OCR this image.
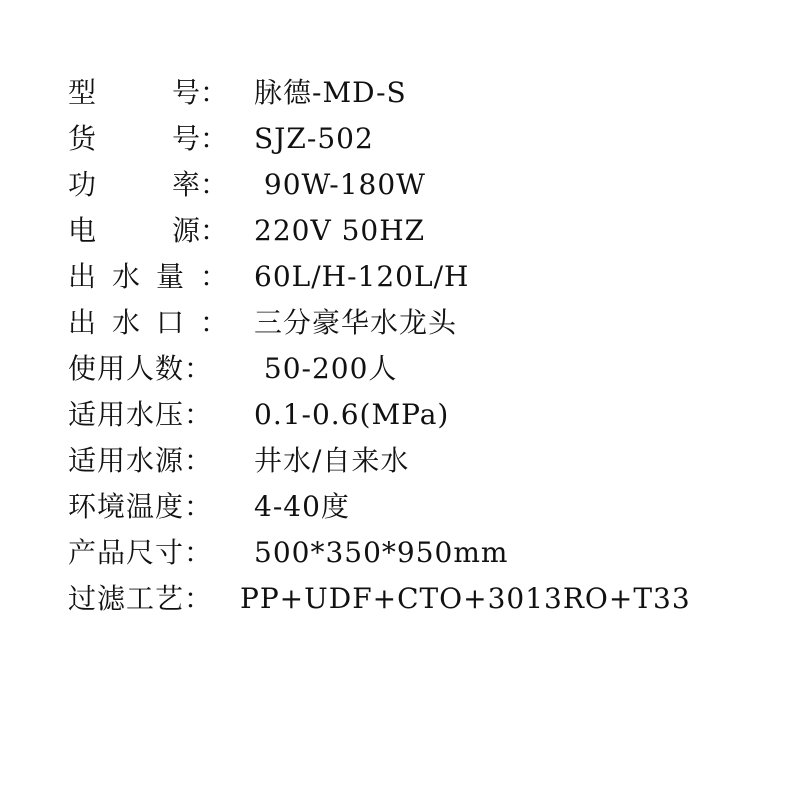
型	号： 脉德-MD-S
货	号： SJZ-502
功	率： 90W-180W
电	源： 220V 50HZ
出 水 量 ： 60L/H-120L/H
出 水 口 ： 三分豪华水龙头
使用人数：	50-200人
适用水压：	0.1-0.6(MPa)
适用水源：	井水/自来水
环境温度：	4-40度
产品尺寸：	500*350*950mm
过滤工艺： PP+UDF+CTO+3013RO+T33
